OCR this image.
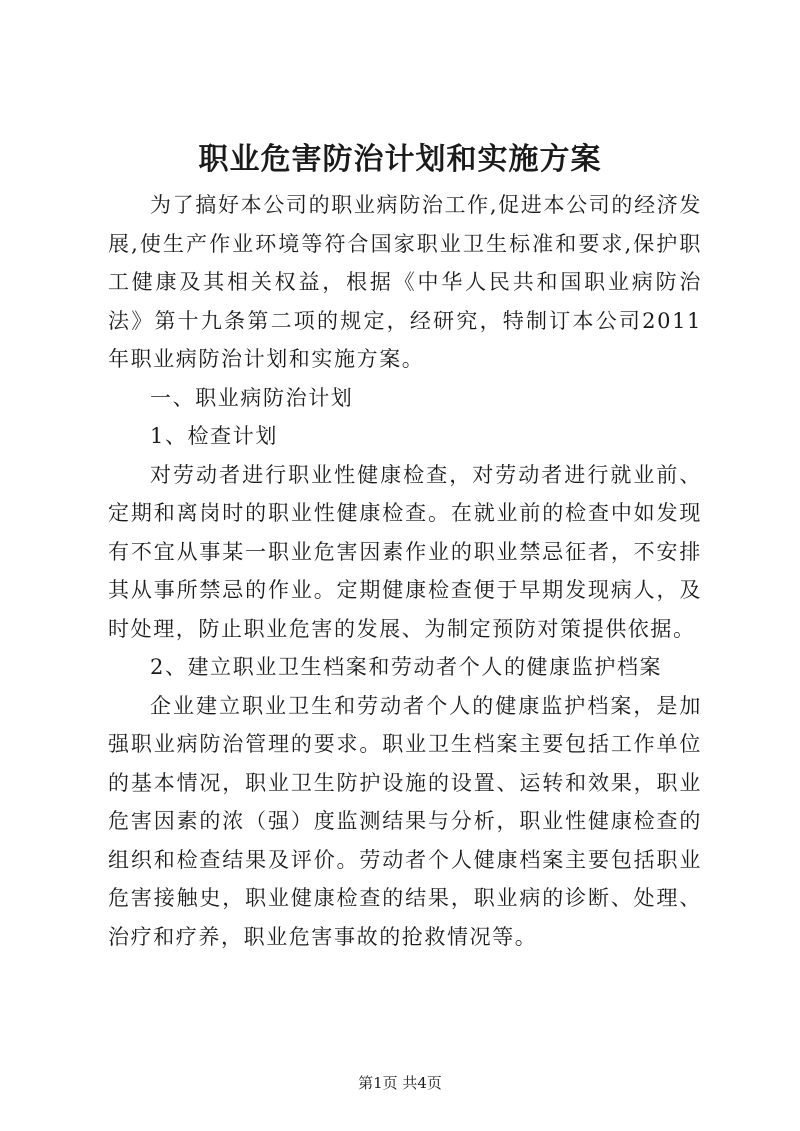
职业危害防治计划和实施方案

为了搞好本公司的职业病防治工作,促进本公司的经济发展,使生产作业环境等符合国家职业卫生标准和要求,保护职工健康及其相关权益，根据《中华人民共和国职业病防治法》第十九条第二项的规定，经研究，特制订本公司2011年职业病防治计划和实施方案。

一、职业病防治计划

1、检查计划

对劳动者进行职业性健康检查，对劳动者进行就业前、定期和离岗时的职业性健康检查。在就业前的检查中如发现有不宜从事某一职业危害因素作业的职业禁忌征者，不安排其从事所禁忌的作业。定期健康检查便于早期发现病人，及时处理，防止职业危害的发展、为制定预防对策提供依据。

2、建立职业卫生档案和劳动者个人的健康监护档案

企业建立职业卫生和劳动者个人的健康监护档案，是加强职业病防治管理的要求。职业卫生档案主要包括工作单位的基本情况，职业卫生防护设施的设置、运转和效果，职业危害因素的浓（强）度监测结果与分析，职业性健康检查的组织和检查结果及评价。劳动者个人健康档案主要包括职业危害接触史，职业健康检查的结果，职业病的诊断、处理、治疗和疗养，职业危害事故的抢救情况等。

第1页 共4页
